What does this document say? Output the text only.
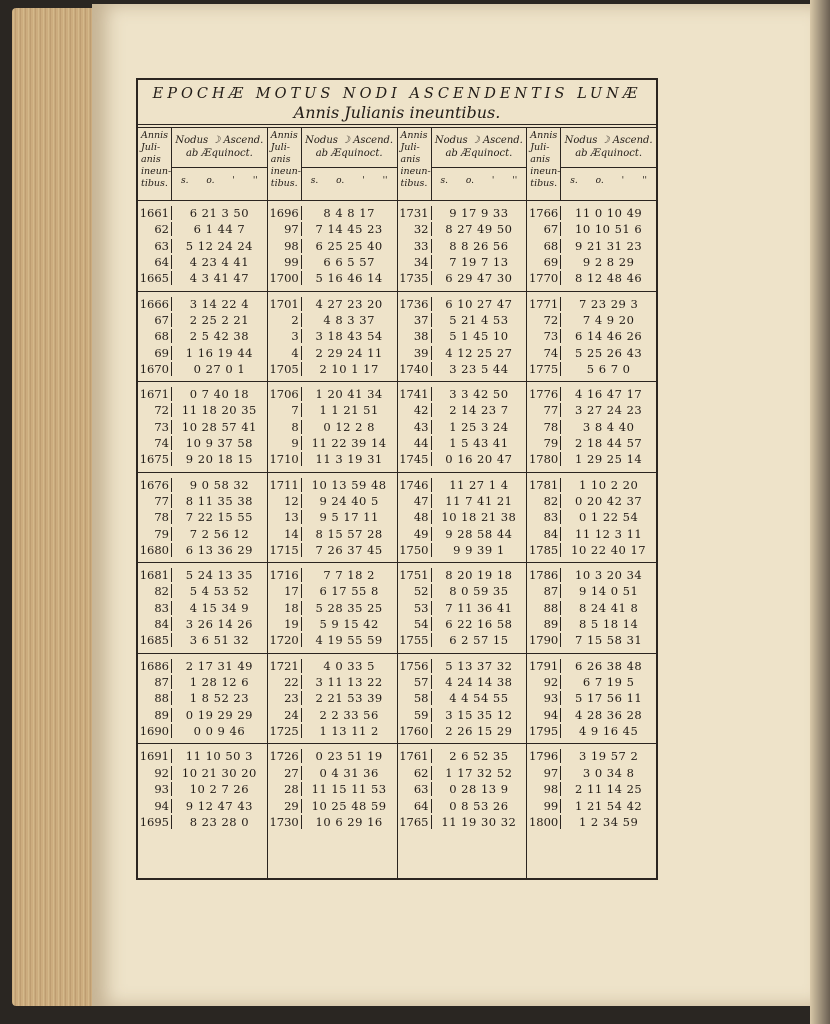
EPOCHÆ MOTUS NODI ASCENDENTIS LUNÆ
Annis Julianis ineuntibus.
Annis Juli-anis ineun-tibus.
Nodus ☽ Ascend. ab Æquinoct.
s. o. ' ''
1661	6 21 3 50
62	6 1 44 7
63	5 12 24 24
64	4 23 4 41
1665	4 3 41 47
1666	3 14 22 4
67	2 25 2 21
68	2 5 42 38
69	1 16 19 44
1670	0 27 0 1
1671	0 7 40 18
72	11 18 20 35
73	10 28 57 41
74	10 9 37 58
1675	9 20 18 15
1676	9 0 58 32
77	8 11 35 38
78	7 22 15 55
79	7 2 56 12
1680	6 13 36 29
1681	5 24 13 35
82	5 4 53 52
83	4 15 34 9
84	3 26 14 26
1685	3 6 51 32
1686	2 17 31 49
87	1 28 12 6
88	1 8 52 23
89	0 19 29 29
1690	0 0 9 46
1691	11 10 50 3
92	10 21 30 20
93	10 2 7 26
94	9 12 47 43
1695	8 23 28 0
Annis Juli-anis ineun-tibus.
Nodus ☽ Ascend. ab Æquinoct.
s. o. ' ''
1696	8 4 8 17
97	7 14 45 23
98	6 25 25 40
99	6 6 5 57
1700	5 16 46 14
1701	4 27 23 20
2	4 8 3 37
3	3 18 43 54
4	2 29 24 11
1705	2 10 1 17
1706	1 20 41 34
7	1 1 21 51
8	0 12 2 8
9	11 22 39 14
1710	11 3 19 31
1711	10 13 59 48
12	9 24 40 5
13	9 5 17 11
14	8 15 57 28
1715	7 26 37 45
1716	7 7 18 2
17	6 17 55 8
18	5 28 35 25
19	5 9 15 42
1720	4 19 55 59
1721	4 0 33 5
22	3 11 13 22
23	2 21 53 39
24	2 2 33 56
1725	1 13 11 2
1726	0 23 51 19
27	0 4 31 36
28	11 15 11 53
29	10 25 48 59
1730	10 6 29 16
Annis Juli-anis ineun-tibus.
Nodus ☽ Ascend. ab Æquinoct.
s. o. ' ''
1731	9 17 9 33
32	8 27 49 50
33	8 8 26 56
34	7 19 7 13
1735	6 29 47 30
1736	6 10 27 47
37	5 21 4 53
38	5 1 45 10
39	4 12 25 27
1740	3 23 5 44
1741	3 3 42 50
42	2 14 23 7
43	1 25 3 24
44	1 5 43 41
1745	0 16 20 47
1746	11 27 1 4
47	11 7 41 21
48	10 18 21 38
49	9 28 58 44
1750	9 9 39 1
1751	8 20 19 18
52	8 0 59 35
53	7 11 36 41
54	6 22 16 58
1755	6 2 57 15
1756	5 13 37 32
57	4 24 14 38
58	4 4 54 55
59	3 15 35 12
1760	2 26 15 29
1761	2 6 52 35
62	1 17 32 52
63	0 28 13 9
64	0 8 53 26
1765	11 19 30 32
Annis Juli-anis ineun-tibus.
Nodus ☽ Ascend. ab Æquinoct.
s. o. ' ''
1766	11 0 10 49
67	10 10 51 6
68	9 21 31 23
69	9 2 8 29
1770	8 12 48 46
1771	7 23 29 3
72	7 4 9 20
73	6 14 46 26
74	5 25 26 43
1775	5 6 7 0
1776	4 16 47 17
77	3 27 24 23
78	3 8 4 40
79	2 18 44 57
1780	1 29 25 14
1781	1 10 2 20
82	0 20 42 37
83	0 1 22 54
84	11 12 3 11
1785	10 22 40 17
1786	10 3 20 34
87	9 14 0 51
88	8 24 41 8
89	8 5 18 14
1790	7 15 58 31
1791	6 26 38 48
92	6 7 19 5
93	5 17 56 11
94	4 28 36 28
1795	4 9 16 45
1796	3 19 57 2
97	3 0 34 8
98	2 11 14 25
99	1 21 54 42
1800	1 2 34 59
